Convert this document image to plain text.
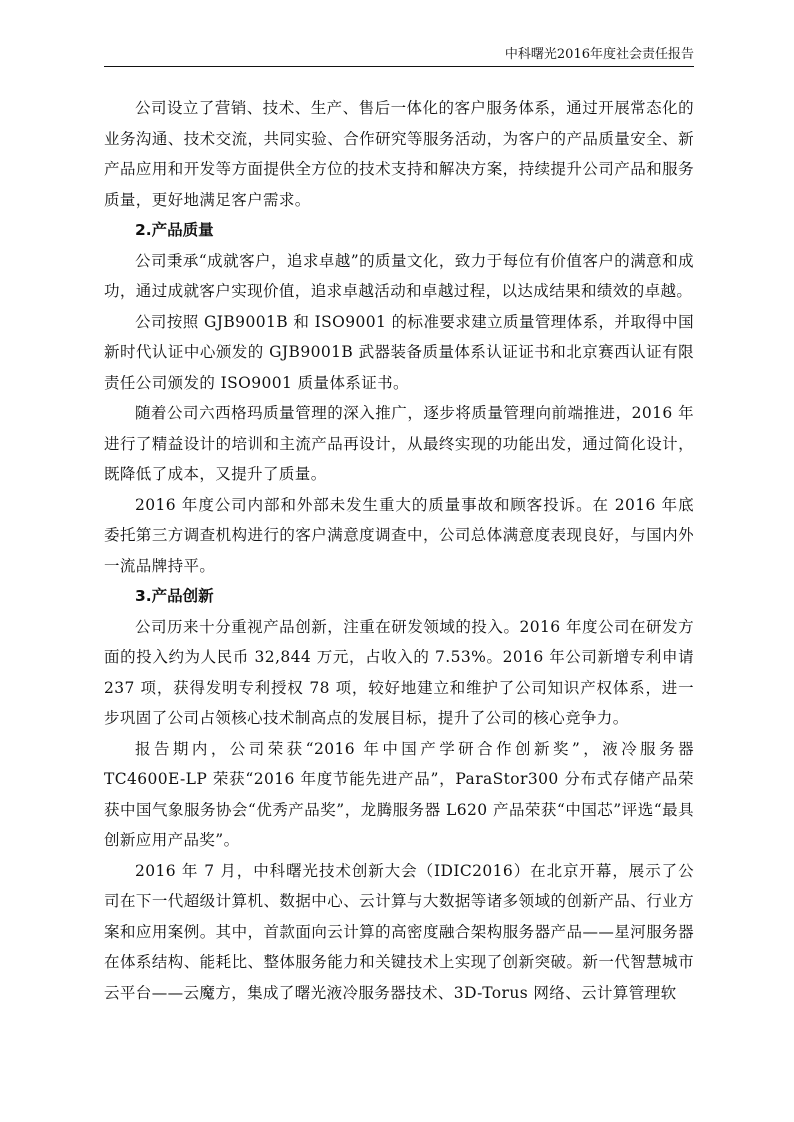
中科曙光2016年度社会责任报告

公司设立了营销、技术、生产、售后一体化的客户服务体系，通过开展常态化的业务沟通、技术交流，共同实验、合作研究等服务活动，为客户的产品质量安全、新产品应用和开发等方面提供全方位的技术支持和解决方案，持续提升公司产品和服务质量，更好地满足客户需求。

2.产品质量

公司秉承“成就客户，追求卓越”的质量文化，致力于每位有价值客户的满意和成功，通过成就客户实现价值，追求卓越活动和卓越过程，以达成结果和绩效的卓越。

公司按照 GJB9001B 和 ISO9001 的标准要求建立质量管理体系，并取得中国新时代认证中心颁发的 GJB9001B 武器装备质量体系认证证书和北京赛西认证有限责任公司颁发的 ISO9001 质量体系证书。

随着公司六西格玛质量管理的深入推广，逐步将质量管理向前端推进，2016 年进行了精益设计的培训和主流产品再设计，从最终实现的功能出发，通过简化设计，既降低了成本，又提升了质量。

2016 年度公司内部和外部未发生重大的质量事故和顾客投诉。在 2016 年底委托第三方调查机构进行的客户满意度调查中，公司总体满意度表现良好，与国内外一流品牌持平。

3.产品创新

公司历来十分重视产品创新，注重在研发领域的投入。2016 年度公司在研发方面的投入约为人民币 32,844 万元，占收入的 7.53%。2016 年公司新增专利申请 237 项，获得发明专利授权 78 项，较好地建立和维护了公司知识产权体系，进一步巩固了公司占领核心技术制高点的发展目标，提升了公司的核心竞争力。

报告期内，公司荣获“2016 年中国产学研合作创新奖”，液冷服务器 TC4600E-LP 荣获“2016 年度节能先进产品”，ParaStor300 分布式存储产品荣获中国气象服务协会“优秀产品奖”，龙腾服务器 L620 产品荣获“中国芯”评选“最具创新应用产品奖”。

2016 年 7 月，中科曙光技术创新大会（IDIC2016）在北京开幕，展示了公司在下一代超级计算机、数据中心、云计算与大数据等诸多领域的创新产品、行业方案和应用案例。其中，首款面向云计算的高密度融合架构服务器产品——星河服务器在体系结构、能耗比、整体服务能力和关键技术上实现了创新突破。新一代智慧城市云平台——云魔方，集成了曙光液冷服务器技术、3D-Torus 网络、云计算管理软
